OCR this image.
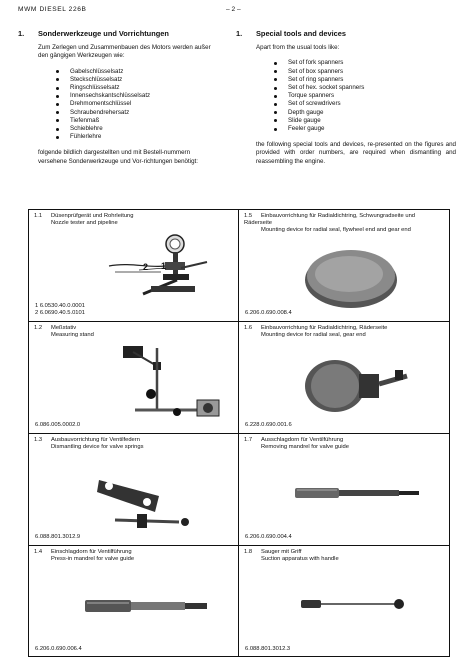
MWM DIESEL 226B	– 2 –
1.	Sonderwerkzeuge und Vorrichtungen
Zum Zerlegen und Zusammenbauen des Motors werden außer den gängigen Werkzeugen wie:
Gabelschlüsselsatz
Steckschlüsselsatz
Ringschlüsselsatz
Innensechskantschlüsselsatz
Drehmomentschlüssel
Schraubendrehersatz
Tiefenmaß
Schieblehre
Fühlerlehre
folgende bildlich dargestellten und mit Bestell-nummern versehene Sonderwerkzeuge und Vor-richtungen benötigt:
1.	Special tools and devices
Apart from the usual tools like:
Set of fork spanners
Set of box spanners
Set of ring spanners
Set of hex. socket spanners
Torque spanners
Set of screwdrivers
Depth gauge
Slide gauge
Feeler gauge
the following special tools and devices, re-presented on the figures and provided with order numbers, are required when dismantling and reassembling the engine.
1.1 Düsenprüfgerät und Rohrleitung
Nozzle tester and pipeline
2 1
1 6.0530.40.0.0001
2 6.0690.40.5.0101
1.5 Einbauvorrichtung für Radialdichtring, Schwungradseite und Räderseite
Mounting device for radial seal, flywheel end and gear end
6.206.0.690.008.4
1.2 Meßstativ
Measuring stand
6.086.005.0002.0
1.6 Einbauvorrichtung für Radialdichtring, Räderseite
Mounting device for radial seal, gear end
6.228.0.690.001.6
1.3 Ausbauvorrichtung für Ventilfedern
Dismantling device for valve springs
6.088.801.3012.9
1.7 Ausschlagdorn für Ventilführung
Removing mandrel for valve guide
6.206.0.690.004.4
1.4 Einschlagdorn für Ventilführung
Press-in mandrel for valve guide
6.206.0.690.006.4
1.8 Sauger mit Griff
Suction apparatus with handle
6.088.801.3012.3
